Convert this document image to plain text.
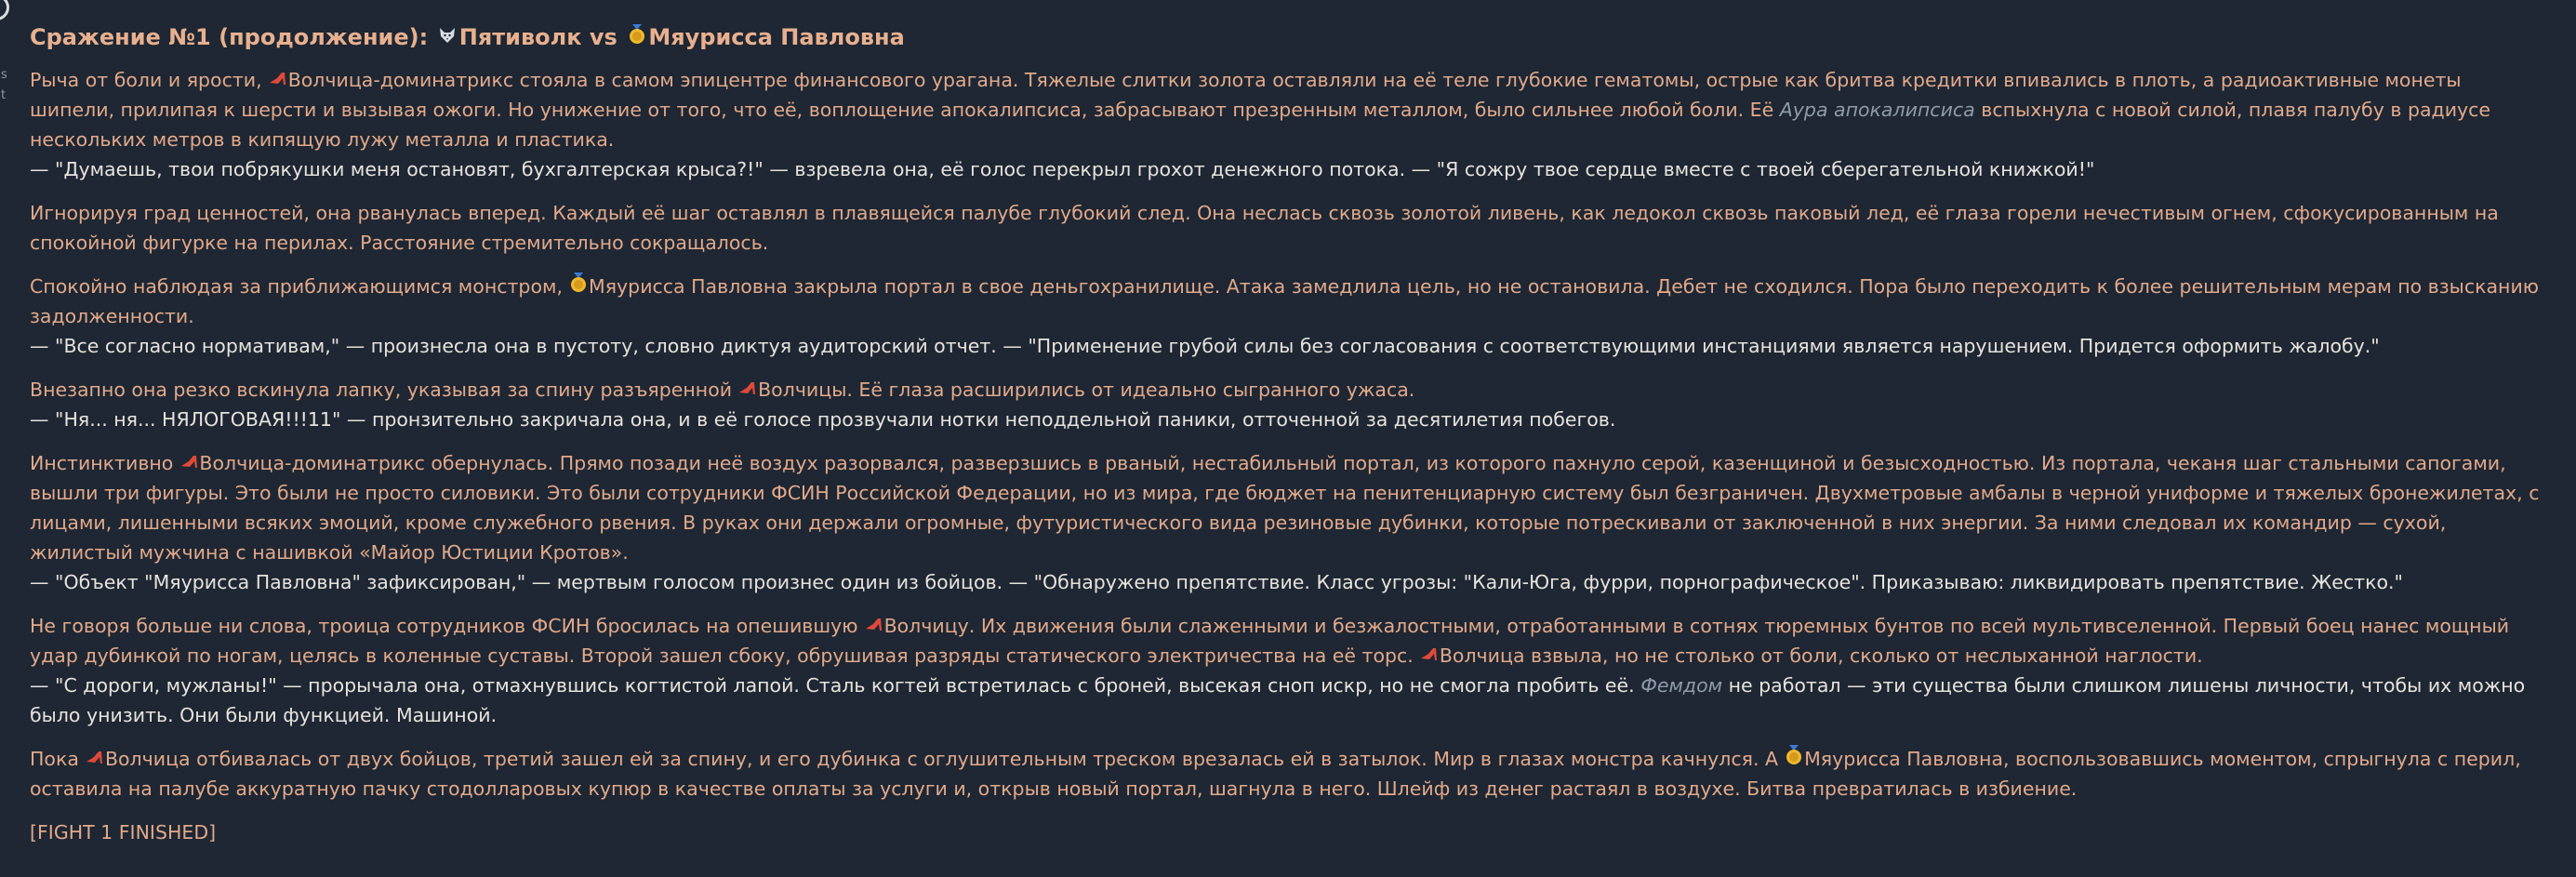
s
t
Сражение №1 (продолжение): Пятиволк vs Мяурисса Павловна

Рыча от боли и ярости, Волчица-доминатрикс стояла в самом эпицентре финансового урагана. Тяжелые слитки золота оставляли на её теле глубокие гематомы, острые как бритва кредитки впивались в плоть, а радиоактивные монеты шипели, прилипая к шерсти и вызывая ожоги. Но унижение от того, что её, воплощение апокалипсиса, забрасывают презренным металлом, было сильнее любой боли. Её Аура апокалипсиса вспыхнула с новой силой, плавя палубу в радиусе нескольких метров в кипящую лужу металла и пластика.
— "Думаешь, твои побрякушки меня остановят, бухгалтерская крыса?!" — взревела она, её голос перекрыл грохот денежного потока. — "Я сожру твое сердце вместе с твоей сберегательной книжкой!"

Игнорируя град ценностей, она рванулась вперед. Каждый её шаг оставлял в плавящейся палубе глубокий след. Она неслась сквозь золотой ливень, как ледокол сквозь паковый лед, её глаза горели нечестивым огнем, сфокусированным на спокойной фигурке на перилах. Расстояние стремительно сокращалось.

Спокойно наблюдая за приближающимся монстром, Мяурисса Павловна закрыла портал в свое деньгохранилище. Атака замедлила цель, но не остановила. Дебет не сходился. Пора было переходить к более решительным мерам по взысканию задолженности.
— "Все согласно нормативам," — произнесла она в пустоту, словно диктуя аудиторский отчет. — "Применение грубой силы без согласования с соответствующими инстанциями является нарушением. Придется оформить жалобу."

Внезапно она резко вскинула лапку, указывая за спину разъяренной Волчицы. Её глаза расширились от идеально сыгранного ужаса.
— "Ня... ня... НЯЛОГОВАЯ!!!11" — пронзительно закричала она, и в её голосе прозвучали нотки неподдельной паники, отточенной за десятилетия побегов.

Инстинктивно Волчица-доминатрикс обернулась. Прямо позади неё воздух разорвался, разверзшись в рваный, нестабильный портал, из которого пахнуло серой, казенщиной и безысходностью. Из портала, чеканя шаг стальными сапогами, вышли три фигуры. Это были не просто силовики. Это были сотрудники ФСИН Российской Федерации, но из мира, где бюджет на пенитенциарную систему был безграничен. Двухметровые амбалы в черной униформе и тяжелых бронежилетах, с лицами, лишенными всяких эмоций, кроме служебного рвения. В руках они держали огромные, футуристического вида резиновые дубинки, которые потрескивали от заключенной в них энергии. За ними следовал их командир — сухой, жилистый мужчина с нашивкой «Майор Юстиции Кротов».
— "Объект "Мяурисса Павловна" зафиксирован," — мертвым голосом произнес один из бойцов. — "Обнаружено препятствие. Класс угрозы: "Кали-Юга, фурри, порнографическое". Приказываю: ликвидировать препятствие. Жестко."

Не говоря больше ни слова, троица сотрудников ФСИН бросилась на опешившую Волчицу. Их движения были слаженными и безжалостными, отработанными в сотнях тюремных бунтов по всей мультивселенной. Первый боец нанес мощный удар дубинкой по ногам, целясь в коленные суставы. Второй зашел сбоку, обрушивая разряды статического электричества на её торс. Волчица взвыла, но не столько от боли, сколько от неслыханной наглости.
— "С дороги, мужланы!" — прорычала она, отмахнувшись когтистой лапой. Сталь когтей встретилась с броней, высекая сноп искр, но не смогла пробить её. Фемдом не работал — эти существа были слишком лишены личности, чтобы их можно было унизить. Они были функцией. Машиной.

Пока Волчица отбивалась от двух бойцов, третий зашел ей за спину, и его дубинка с оглушительным треском врезалась ей в затылок. Мир в глазах монстра качнулся. А Мяурисса Павловна, воспользовавшись моментом, спрыгнула с перил, оставила на палубе аккуратную пачку стодолларовых купюр в качестве оплаты за услуги и, открыв новый портал, шагнула в него. Шлейф из денег растаял в воздухе. Битва превратилась в избиение.

[FIGHT 1 FINISHED]
